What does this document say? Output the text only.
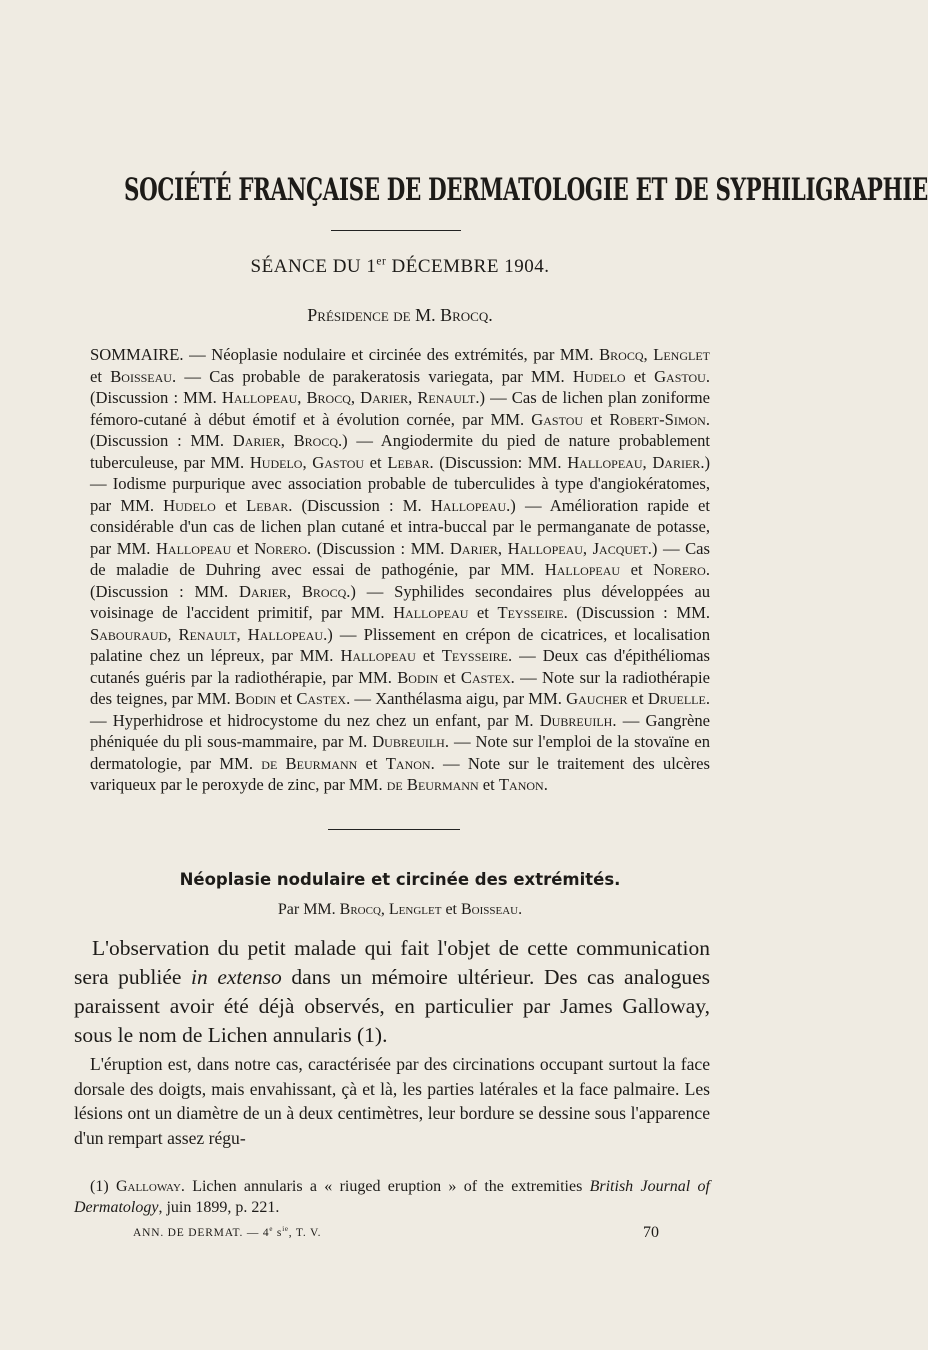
SOCIÉTÉ FRANÇAISE DE DERMATOLOGIE ET DE SYPHILIGRAPHIE
SÉANCE DU 1er DÉCEMBRE 1904.
Présidence de M. Brocq.
SOMMAIRE. — Néoplasie nodulaire et circinée des extrémités, par MM. Brocq, Lenglet et Boisseau. — Cas probable de parakeratosis variegata, par MM. Hudelo et Gastou. (Discussion : MM. Hallopeau, Brocq, Darier, Renault.) — Cas de lichen plan zoniforme fémoro-cutané à début émotif et à évolution cornée, par MM. Gastou et Robert-Simon. (Discussion : MM. Darier, Brocq.) — Angiodermite du pied de nature probablement tuberculeuse, par MM. Hudelo, Gastou et Lebar. (Discussion: MM. Hallopeau, Darier.) — Iodisme purpurique avec association probable de tuberculides à type d'angiokératomes, par MM. Hudelo et Lebar. (Discussion : M. Hallopeau.) — Amélioration rapide et considérable d'un cas de lichen plan cutané et intra-buccal par le permanganate de potasse, par MM. Hallopeau et Norero. (Discussion : MM. Darier, Hallopeau, Jacquet.) — Cas de maladie de Duhring avec essai de pathogénie, par MM. Hallopeau et Norero. (Discussion : MM. Darier, Brocq.) — Syphilides secondaires plus développées au voisinage de l'accident primitif, par MM. Hallopeau et Teysseire. (Discussion : MM. Sabouraud, Renault, Hallopeau.) — Plissement en crépon de cicatrices, et localisation palatine chez un lépreux, par MM. Hallopeau et Teysseire. — Deux cas d'épithéliomas cutanés guéris par la radiothérapie, par MM. Bodin et Castex. — Note sur la radiothérapie des teignes, par MM. Bodin et Castex. — Xanthélasma aigu, par MM. Gaucher et Druelle. — Hyperhidrose et hidrocystome du nez chez un enfant, par M. Dubreuilh. — Gangrène phéniquée du pli sous-mammaire, par M. Dubreuilh. — Note sur l'emploi de la stovaïne en dermatologie, par MM. de Beurmann et Tanon. — Note sur le traitement des ulcères variqueux par le peroxyde de zinc, par MM. de Beurmann et Tanon.
Néoplasie nodulaire et circinée des extrémités.
Par MM. Brocq, Lenglet et Boisseau.
L'observation du petit malade qui fait l'objet de cette communication sera publiée in extenso dans un mémoire ultérieur. Des cas analogues paraissent avoir été déjà observés, en particulier par James Galloway, sous le nom de Lichen annularis (1).
L'éruption est, dans notre cas, caractérisée par des circinations occupant surtout la face dorsale des doigts, mais envahissant, çà et là, les parties latérales et la face palmaire. Les lésions ont un diamètre de un à deux centimètres, leur bordure se dessine sous l'apparence d'un rempart assez régu-
(1) Galloway. Lichen annularis a « riuged eruption » of the extremities British Journal of Dermatology, juin 1899, p. 221.
ANN. DE DERMAT. — 4e $s^{ie}$, T. V.	70
